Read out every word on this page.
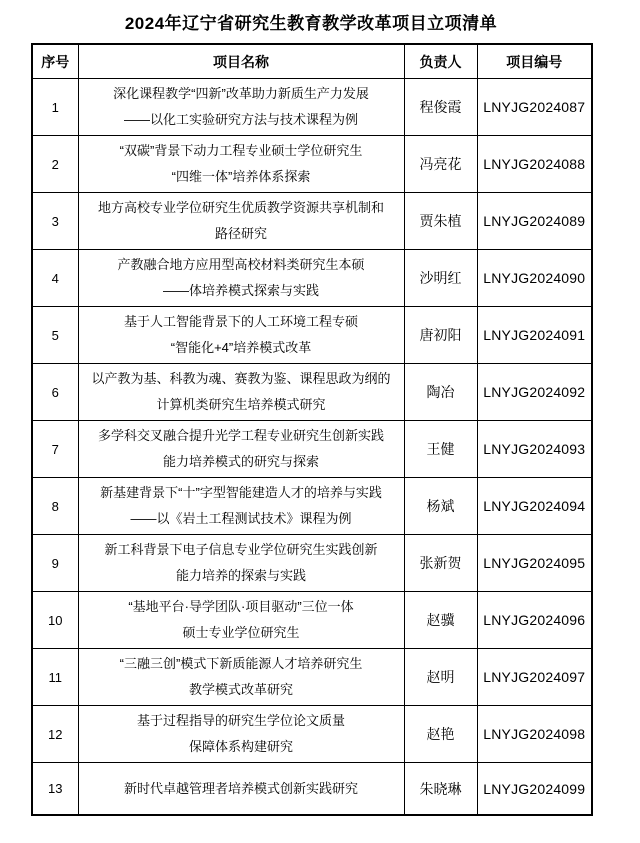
2024年辽宁省研究生教育教学改革项目立项清单
序号	项目名称	负责人	项目编号
1	深化课程教学“四新”改革助力新质生产力发展
——以化工实验研究方法与技术课程为例	程俊霞	LNYJG2024087
2	“双碳”背景下动力工程专业硕士学位研究生
“四维一体”培养体系探索	冯亮花	LNYJG2024088
3	地方高校专业学位研究生优质教学资源共享机制和
路径研究	贾朱植	LNYJG2024089
4	产教融合地方应用型高校材料类研究生本硕
——体培养模式探索与实践	沙明红	LNYJG2024090
5	基于人工智能背景下的人工环境工程专硕
“智能化+4”培养模式改革	唐初阳	LNYJG2024091
6	以产教为基、科教为魂、赛教为鉴、课程思政为纲的
计算机类研究生培养模式研究	陶冶	LNYJG2024092
7	多学科交叉融合提升光学工程专业研究生创新实践
能力培养模式的研究与探索	王健	LNYJG2024093
8	新基建背景下“十”字型智能建造人才的培养与实践
——以《岩土工程测试技术》课程为例	杨斌	LNYJG2024094
9	新工科背景下电子信息专业学位研究生实践创新
能力培养的探索与实践	张新贺	LNYJG2024095
10	“基地平台·导学团队·项目驱动”三位一体
硕士专业学位研究生	赵骥	LNYJG2024096
11	“三融三创”模式下新质能源人才培养研究生
教学模式改革研究	赵明	LNYJG2024097
12	基于过程指导的研究生学位论文质量
保障体系构建研究	赵艳	LNYJG2024098
13	新时代卓越管理者培养模式创新实践研究	朱晓琳	LNYJG2024099
